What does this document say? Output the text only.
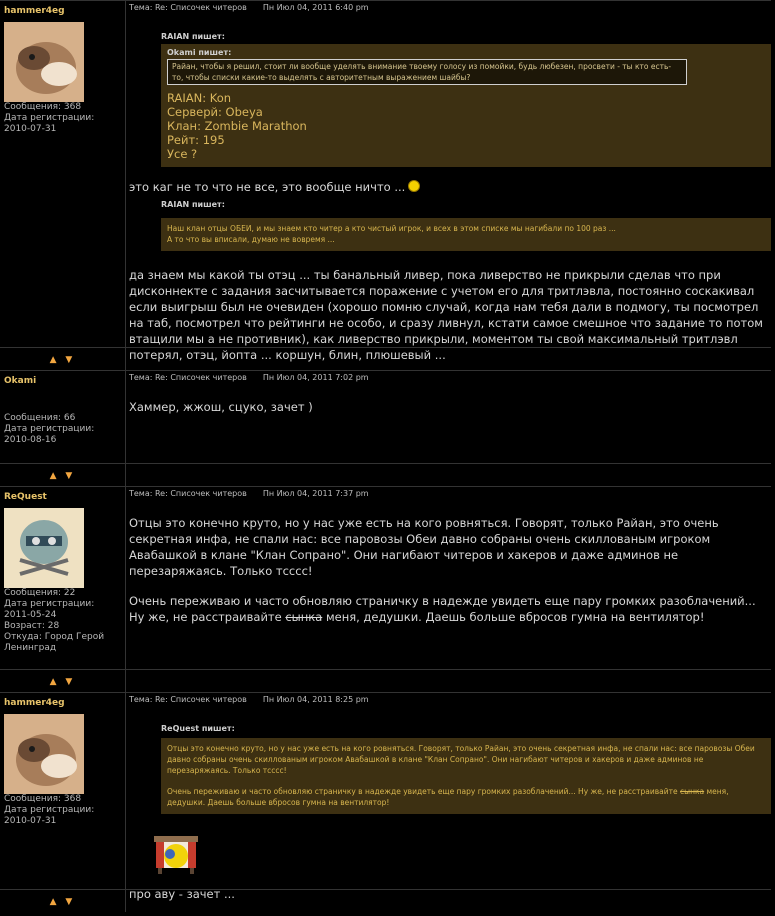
hammer4eg
Сообщения: 368
Дата регистрации:
2010-07-31
Тема: Re: Списочек читеров Пн Июл 04, 2011 6:40 pm
RAIAN пишет:
Okami пишет:
Райан, чтобы я решил, стоит ли вообще уделять внимание твоему голосу из помойки, будь любезен, просвети - ты кто есть-то, чтобы списки какие-то выделять с авторитетным выражением шайбы?
RAIAN: Kon
Серверй: Obeya
Клан: Zombie Marathon
Рейт: 195
Усе ?
это каг не то что не все, это вообще ничто ...
RAIAN пишет:
Наш клан отцы ОБЕИ, и мы знаем кто читер а кто чистый игрок, и всех в этом списке мы нагибали по 100 раз ...
А то что вы вписали, думаю не вовремя ...
да знаем мы какой ты отэц ... ты банальный ливер, пока ливерство не прикрыли сделав что при дисконнекте с задания засчитывается поражение с учетом его для тритлэвла, постоянно соскакивал если выигрыш был не очевиден (хорошо помню случай, когда нам тебя дали в подмогу, ты посмотрел на таб, посмотрел что рейтинги не особо, и сразу ливнул, кстати самое смешное что задание то потом втащили мы а не противник), как ливерство прикрыли, моментом ты свой максимальный тритлэвл потерял, отэц, йопта ... коршун, блин, плюшевый ...
▲ ▼
Okami
Сообщения: 66
Дата регистрации:
2010-08-16
Тема: Re: Списочек читеров Пн Июл 04, 2011 7:02 pm
Хаммер, жжош, сцуко, зачет )
▲ ▼
ReQuest
Сообщения: 22
Дата регистрации:
2011-05-24
Возраст: 28
Откуда: Город Герой
Ленинград
Тема: Re: Списочек читеров Пн Июл 04, 2011 7:37 pm
Отцы это конечно круто, но у нас уже есть на кого ровняться. Говорят, только Райан, это очень секретная инфа, не спали нас: все паровозы Обеи давно собраны очень скиллованым игроком Авабашкой в клане "Клан Сопрано". Они нагибают читеров и хакеров и даже админов не перезаряжаясь. Только тсссс!
Очень переживаю и часто обновляю страничку в надежде увидеть еще пару громких разоблачений... Ну же, не расстраивайте сынка меня, дедушки. Даешь больше вбросов гумна на вентилятор!
▲ ▼
hammer4eg
Сообщения: 368
Дата регистрации:
2010-07-31
Тема: Re: Списочек читеров Пн Июл 04, 2011 8:25 pm
ReQuest пишет:
Отцы это конечно круто, но у нас уже есть на кого ровняться. Говорят, только Райан, это очень секретная инфа, не спали нас: все паровозы Обеи давно собраны очень скиллованым игроком Авабашкой в клане "Клан Сопрано". Они нагибают читеров и хакеров и даже админов не перезаряжаясь. Только тсссс!
Очень переживаю и часто обновляю страничку в надежде увидеть еще пару громких разоблачений... Ну же, не расстраивайте сынка меня, дедушки. Даешь больше вбросов гумна на вентилятор!
про аву - зачет ...
▲ ▼
